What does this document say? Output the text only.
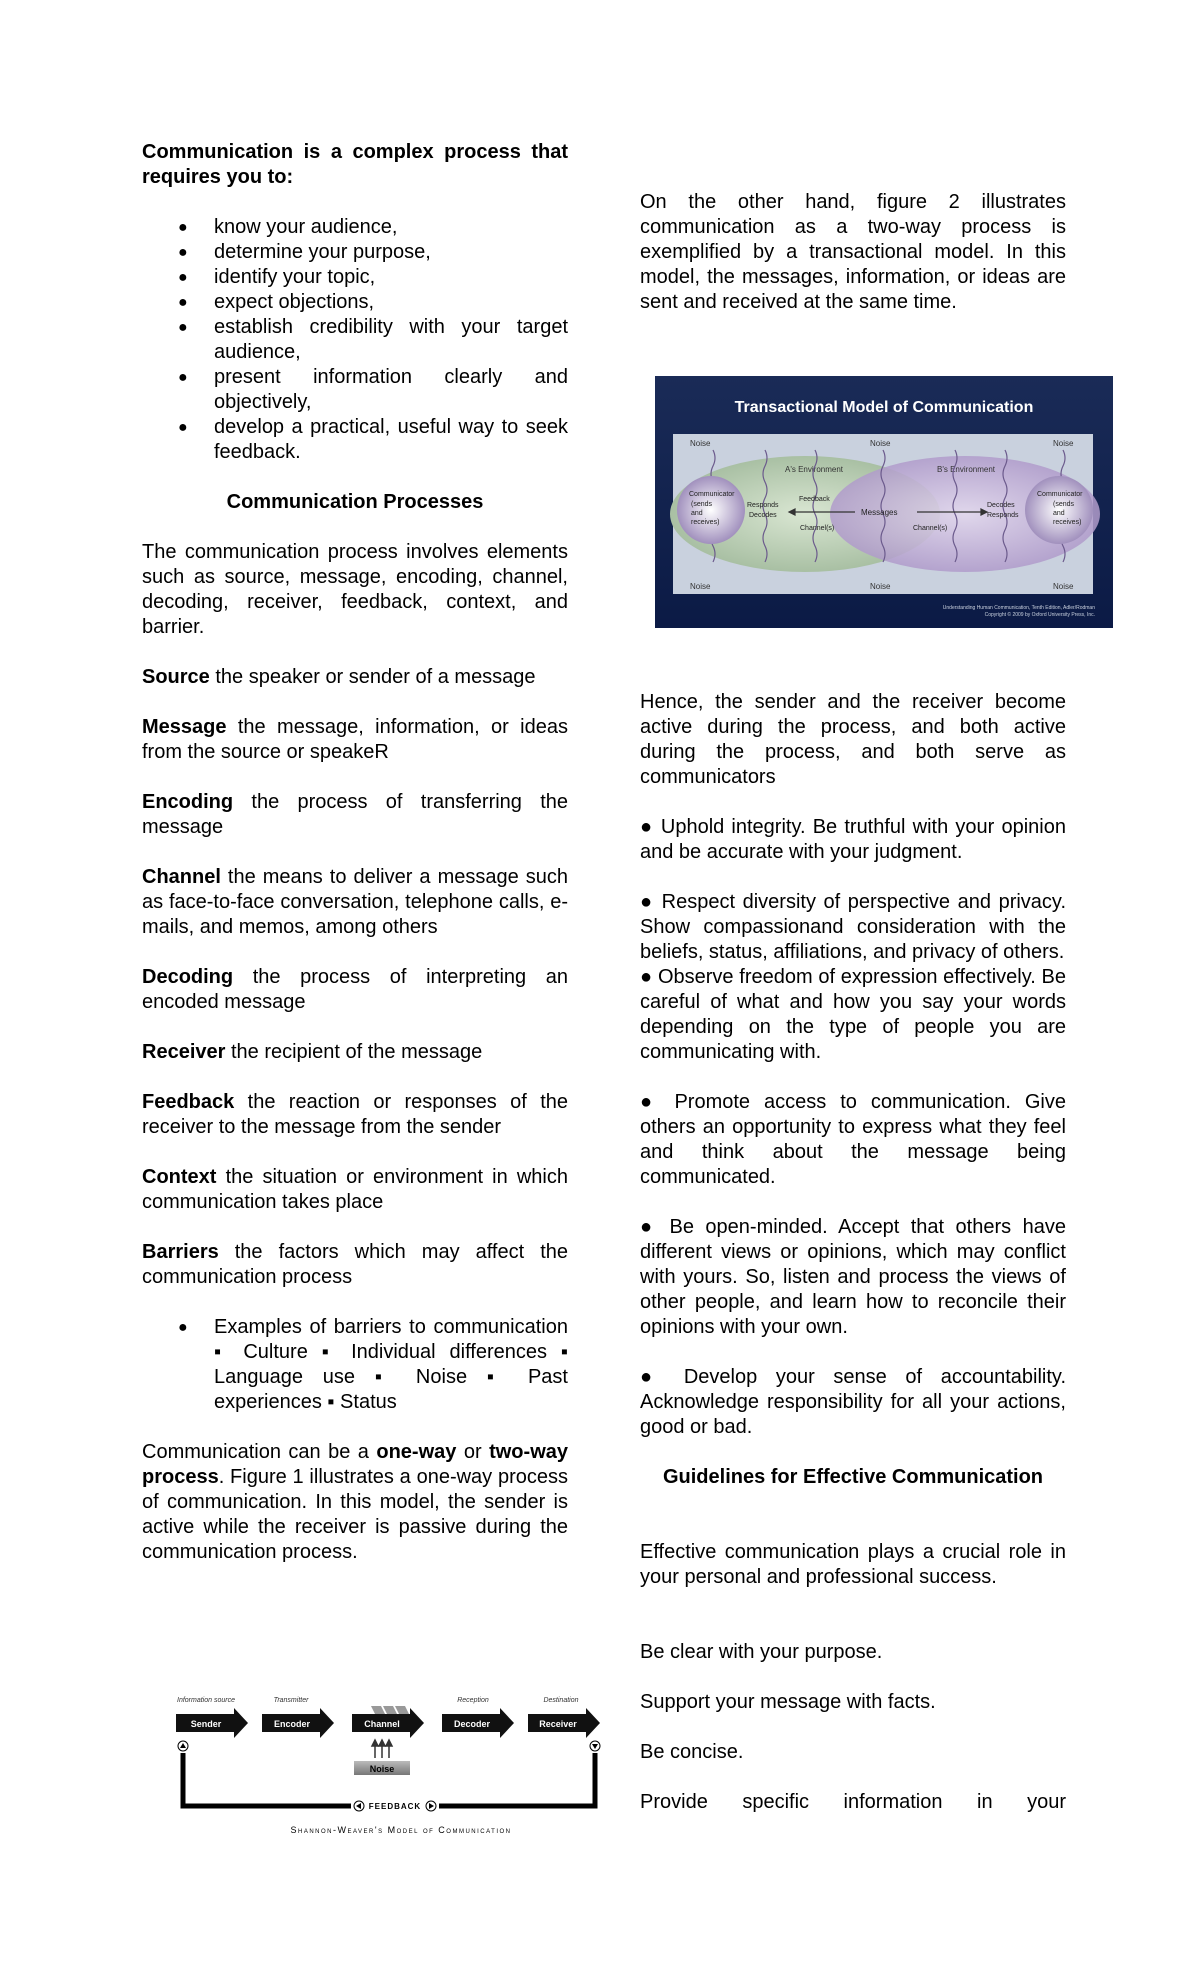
Communication is a complex process that requires you to:

● know your audience,
● determine your purpose,
● identify your topic,
● expect objections,
● establish credibility with your target audience,
● present information clearly and objectively,
● develop a practical, useful way to seek feedback.

Communication Processes

The communication process involves elements such as source, message, encoding, channel, decoding, receiver, feedback, context, and barrier.

Source the speaker or sender of a message

Message the message, information, or ideas from the source or speakeR

Encoding the process of transferring the message

Channel the means to deliver a message such as face-to-face conversation, telephone calls, e-mails, and memos, among others

Decoding the process of interpreting an encoded message

Receiver the recipient of the message

Feedback the reaction or responses of the receiver to the message from the sender

Context the situation or environment in which communication takes place

Barriers the factors which may affect the communication process

● Examples of barriers to communication ▪ Culture ▪ Individual differences ▪ Language use ▪ Noise ▪ Past experiences ▪ Status

Communication can be a one-way or two-way process. Figure 1 illustrates a one-way process of communication. In this model, the sender is active while the receiver is passive during the communication process.

Information source	Transmitter	Reception	Destination
Sender	Encoder	Channel	Decoder	Receiver
Noise
FEEDBACK
Shannon-Weaver's Model of Communication

On the other hand, figure 2 illustrates communication as a two-way process is exemplified by a transactional model. In this model, the messages, information, or ideas are sent and received at the same time.

Transactional Model of Communication
Noise	Noise	Noise
Noise	Noise	Noise
A's Environment	B's Environment
Communicator
(sends
and
receives)
Communicator
(sends
and
receives)
Responds
Decodes
Decodes
Responds
Feedback
Messages
Channel(s)	Channel(s)
Understanding Human Communication, Tenth Edition, Adler/Rodman
Copyright © 2009 by Oxford University Press, Inc.

Hence, the sender and the receiver become active during the process, and both active during the process, and both serve as communicators

● Uphold integrity. Be truthful with your opinion and be accurate with your judgment.

● Respect diversity of perspective and privacy. Show compassionand consideration with the beliefs, status, affiliations, and privacy of others.

● Observe freedom of expression effectively. Be careful of what and how you say your words depending on the type of people you are communicating with.

● Promote access to communication. Give others an opportunity to express what they feel and think about the message being communicated.

● Be open-minded. Accept that others have different views or opinions, which may conflict with yours. So, listen and process the views of other people, and learn how to reconcile their opinions with your own.

● Develop your sense of accountability. Acknowledge responsibility for all your actions, good or bad.

Guidelines for Effective Communication

Effective communication plays a crucial role in your personal and professional success.

Be clear with your purpose.

Support your message with facts.

Be concise.

Provide specific information in your
